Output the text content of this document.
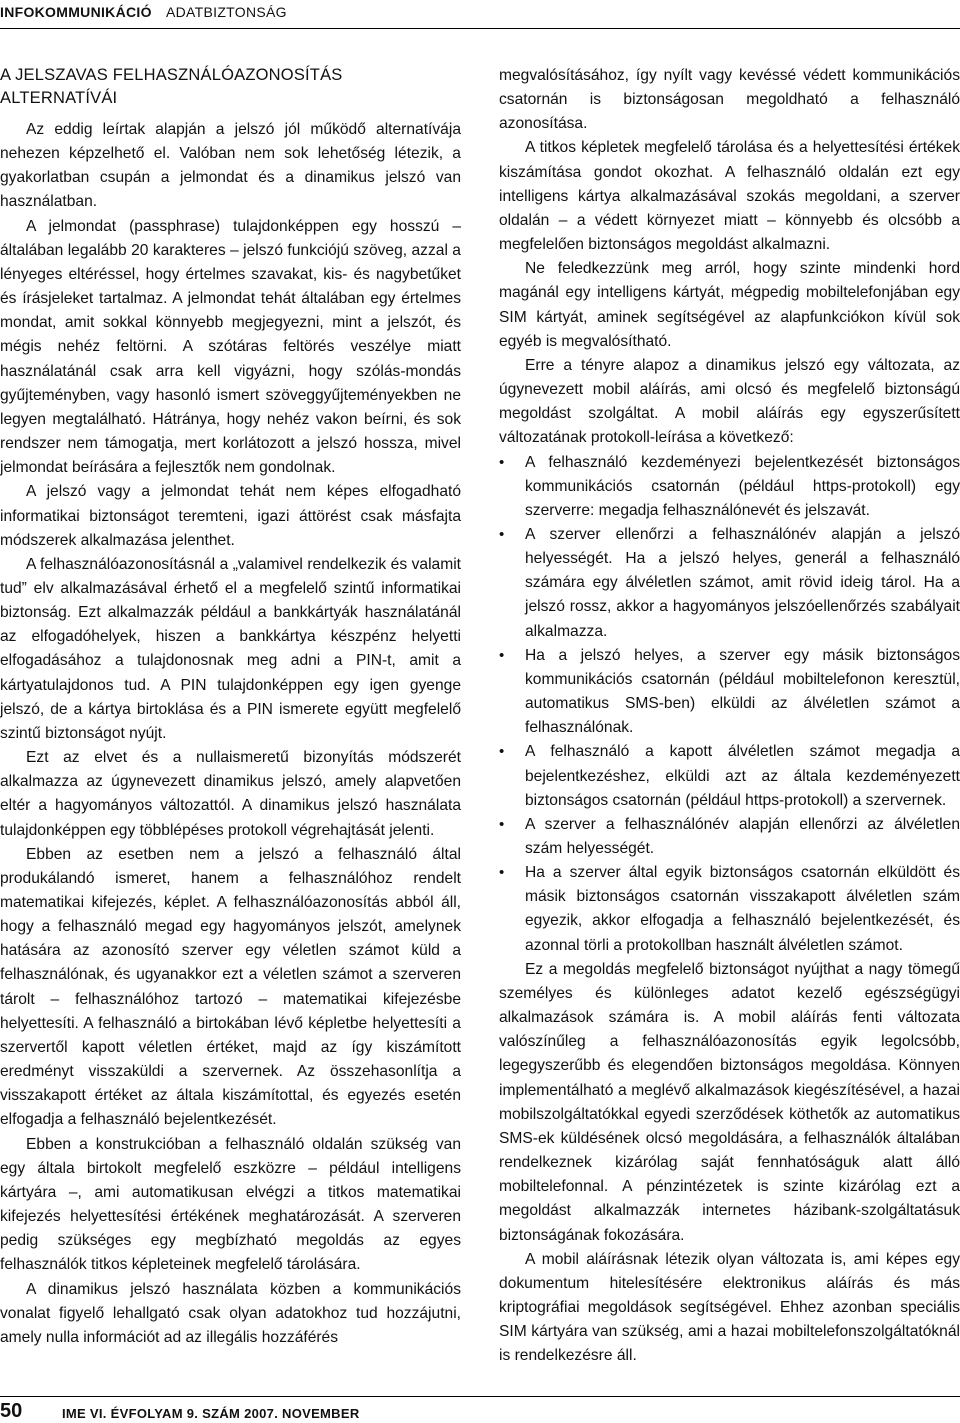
INFOKOMMUNIKÁCIÓ ADATBIZTONSÁG
A JELSZAVAS FELHASZNÁLÓAZONOSÍTÁS
ALTERNATÍVÁI

Az eddig leírtak alapján a jelszó jól működő alternatívája nehezen képzelhető el. Valóban nem sok lehetőség létezik, a gyakorlatban csupán a jelmondat és a dinamikus jelszó van használatban.

A jelmondat (passphrase) tulajdonképpen egy hosszú – általában legalább 20 karakteres – jelszó funkciójú szöveg, azzal a lényeges eltéréssel, hogy értelmes szavakat, kis- és nagybetűket és írásjeleket tartalmaz. A jelmondat tehát általában egy értelmes mondat, amit sokkal könnyebb megjegyezni, mint a jelszót, és mégis nehéz feltörni. A szótáras feltörés veszélye miatt használatánál csak arra kell vigyázni, hogy szólás-mondás gyűjteményben, vagy hasonló ismert szöveggyűjteményekben ne legyen megtalálható. Hátránya, hogy nehéz vakon beírni, és sok rendszer nem támogatja, mert korlátozott a jelszó hossza, mivel jelmondat beírására a fejlesztők nem gondolnak.

A jelszó vagy a jelmondat tehát nem képes elfogadható informatikai biztonságot teremteni, igazi áttörést csak másfajta módszerek alkalmazása jelenthet.

A felhasználóazonosításnál a „valamivel rendelkezik és valamit tud” elv alkalmazásával érhető el a megfelelő szintű informatikai biztonság. Ezt alkalmazzák például a bankkártyák használatánál az elfogadóhelyek, hiszen a bankkártya készpénz helyetti elfogadásához a tulajdonosnak meg adni a PIN-t, amit a kártyatulajdonos tud. A PIN tulajdonképpen egy igen gyenge jelszó, de a kártya birtoklása és a PIN ismerete együtt megfelelő szintű biztonságot nyújt.

Ezt az elvet és a nullaismeretű bizonyítás módszerét alkalmazza az úgynevezett dinamikus jelszó, amely alapvetően eltér a hagyományos változattól. A dinamikus jelszó használata tulajdonképpen egy többlépéses protokoll végrehajtását jelenti.

Ebben az esetben nem a jelszó a felhasználó által produkálandó ismeret, hanem a felhasználóhoz rendelt matematikai kifejezés, képlet. A felhasználóazonosítás abból áll, hogy a felhasználó megad egy hagyományos jelszót, amelynek hatására az azonosító szerver egy véletlen számot küld a felhasználónak, és ugyanakkor ezt a véletlen számot a szerveren tárolt – felhasználóhoz tartozó – matematikai kifejezésbe helyettesíti. A felhasználó a birtokában lévő képletbe helyettesíti a szervertől kapott véletlen értéket, majd az így kiszámított eredményt visszaküldi a szervernek. Az összehasonlítja a visszakapott értéket az általa kiszámítottal, és egyezés esetén elfogadja a felhasználó bejelentkezését.

Ebben a konstrukcióban a felhasználó oldalán szükség van egy általa birtokolt megfelelő eszközre – például intelligens kártyára –, ami automatikusan elvégzi a titkos matematikai kifejezés helyettesítési értékének meghatározását. A szerveren pedig szükséges egy megbízható megoldás az egyes felhasználók titkos képleteinek megfelelő tárolására.

A dinamikus jelszó használata közben a kommunikációs vonalat figyelő lehallgató csak olyan adatokhoz tud hozzájutni, amely nulla információt ad az illegális hozzáférés

megvalósításához, így nyílt vagy kevéssé védett kommunikációs csatornán is biztonságosan megoldható a felhasználó azonosítása.

A titkos képletek megfelelő tárolása és a helyettesítési értékek kiszámítása gondot okozhat. A felhasználó oldalán ezt egy intelligens kártya alkalmazásával szokás megoldani, a szerver oldalán – a védett környezet miatt – könnyebb és olcsóbb a megfelelően biztonságos megoldást alkalmazni.

Ne feledkezzünk meg arról, hogy szinte mindenki hord magánál egy intelligens kártyát, mégpedig mobiltelefonjában egy SIM kártyát, aminek segítségével az alapfunkciókon kívül sok egyéb is megvalósítható.

Erre a tényre alapoz a dinamikus jelszó egy változata, az úgynevezett mobil aláírás, ami olcsó és megfelelő biztonságú megoldást szolgáltat. A mobil aláírás egy egyszerűsített változatának protokoll-leírása a következő:

• A felhasználó kezdeményezi bejelentkezését biztonságos kommunikációs csatornán (például https-protokoll) egy szerverre: megadja felhasználónevét és jelszavát.
• A szerver ellenőrzi a felhasználónév alapján a jelszó helyességét. Ha a jelszó helyes, generál a felhasználó számára egy álvéletlen számot, amit rövid ideig tárol. Ha a jelszó rossz, akkor a hagyományos jelszóellenőrzés szabályait alkalmazza.
• Ha a jelszó helyes, a szerver egy másik biztonságos kommunikációs csatornán (például mobiltelefonon keresztül, automatikus SMS-ben) elküldi az álvéletlen számot a felhasználónak.
• A felhasználó a kapott álvéletlen számot megadja a bejelentkezéshez, elküldi azt az általa kezdeményezett biztonságos csatornán (például https-protokoll) a szervernek.
• A szerver a felhasználónév alapján ellenőrzi az álvéletlen szám helyességét.
• Ha a szerver által egyik biztonságos csatornán elküldött és másik biztonságos csatornán visszakapott álvéletlen szám egyezik, akkor elfogadja a felhasználó bejelentkezését, és azonnal törli a protokollban használt álvéletlen számot.

Ez a megoldás megfelelő biztonságot nyújthat a nagy tömegű személyes és különleges adatot kezelő egészségügyi alkalmazások számára is. A mobil aláírás fenti változata valószínűleg a felhasználóazonosítás egyik legolcsóbb, legegyszerűbb és elegendően biztonságos megoldása. Könnyen implementálható a meglévő alkalmazások kiegészítésével, a hazai mobilszolgáltatókkal egyedi szerződések köthetők az automatikus SMS-ek küldésének olcsó megoldására, a felhasználók általában rendelkeznek kizárólag saját fennhatóságuk alatt álló mobiltelefonnal. A pénzintézetek is szinte kizárólag ezt a megoldást alkalmazzák internetes házibank-szolgáltatásuk biztonságának fokozására.

A mobil aláírásnak létezik olyan változata is, ami képes egy dokumentum hitelesítésére elektronikus aláírás és más kriptográfiai megoldások segítségével. Ehhez azonban speciális SIM kártyára van szükség, ami a hazai mobiltelefonszolgáltatóknál is rendelkezésre áll.

50	IME VI. ÉVFOLYAM 9. SZÁM 2007. NOVEMBER
